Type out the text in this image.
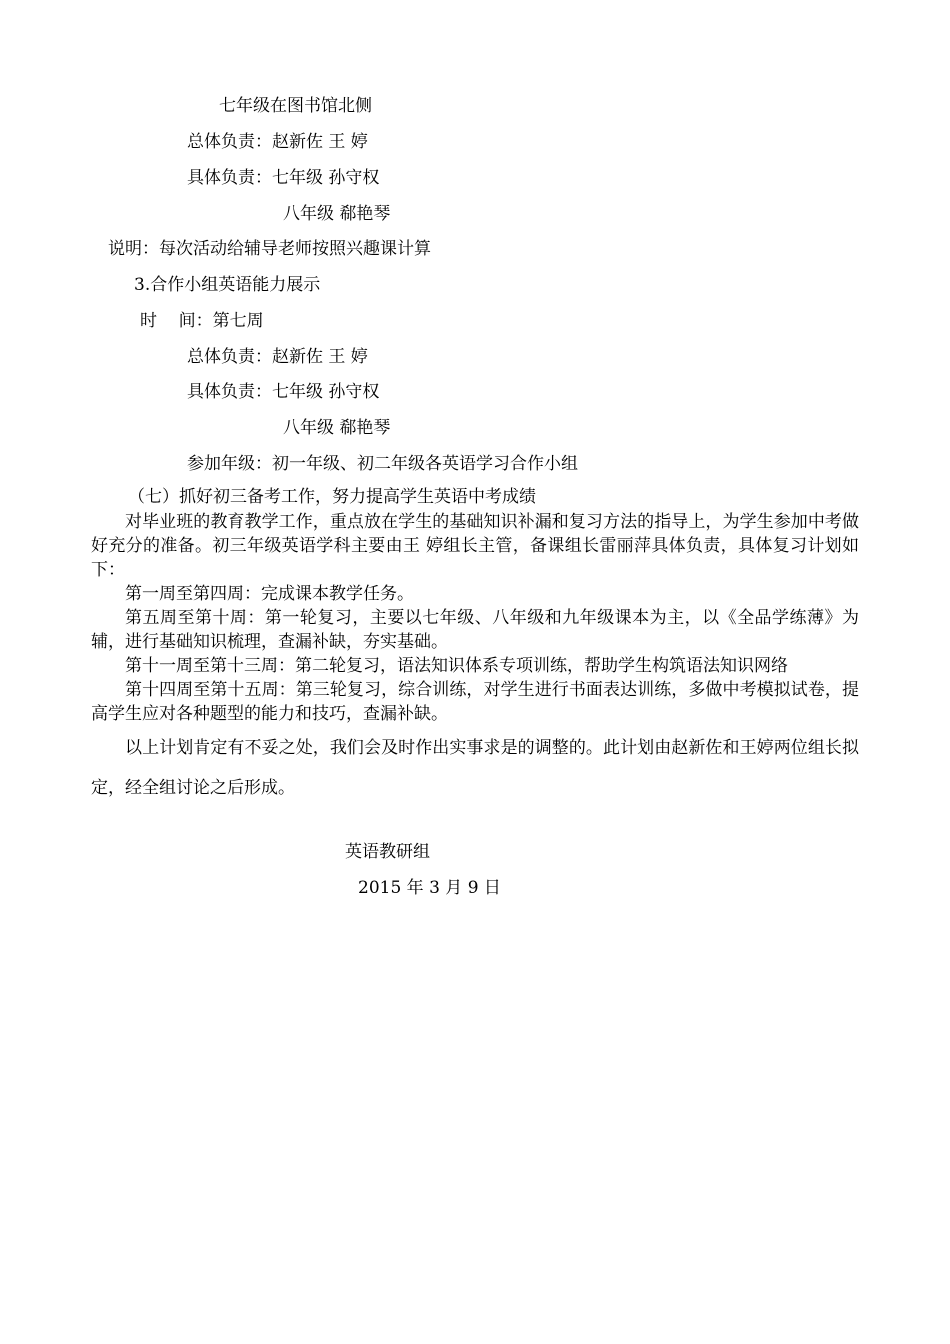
七年级在图书馆北侧
总体负责：赵新佐 王 婷
具体负责：七年级 孙守权
八年级 郗艳琴
说明：每次活动给辅导老师按照兴趣课计算
3.合作小组英语能力展示
时    间：第七周
总体负责：赵新佐 王 婷
具体负责：七年级 孙守权
八年级 郗艳琴
参加年级：初一年级、初二年级各英语学习合作小组
（七）抓好初三备考工作，努力提高学生英语中考成绩
对毕业班的教育教学工作，重点放在学生的基础知识补漏和复习方法的指导上，为学生参加中考做好充分的准备。初三年级英语学科主要由王 婷组长主管，备课组长雷丽萍具体负责，具体复习计划如下：
第一周至第四周：完成课本教学任务。
第五周至第十周：第一轮复习，主要以七年级、八年级和九年级课本为主，以《全品学练薄》为辅，进行基础知识梳理，查漏补缺，夯实基础。
第十一周至第十三周：第二轮复习，语法知识体系专项训练，帮助学生构筑语法知识网络
第十四周至第十五周：第三轮复习，综合训练，对学生进行书面表达训练，多做中考模拟试卷，提高学生应对各种题型的能力和技巧，查漏补缺。
以上计划肯定有不妥之处，我们会及时作出实事求是的调整的。此计划由赵新佐和王婷两位组长拟定，经全组讨论之后形成。
英语教研组
2015 年 3 月 9 日
